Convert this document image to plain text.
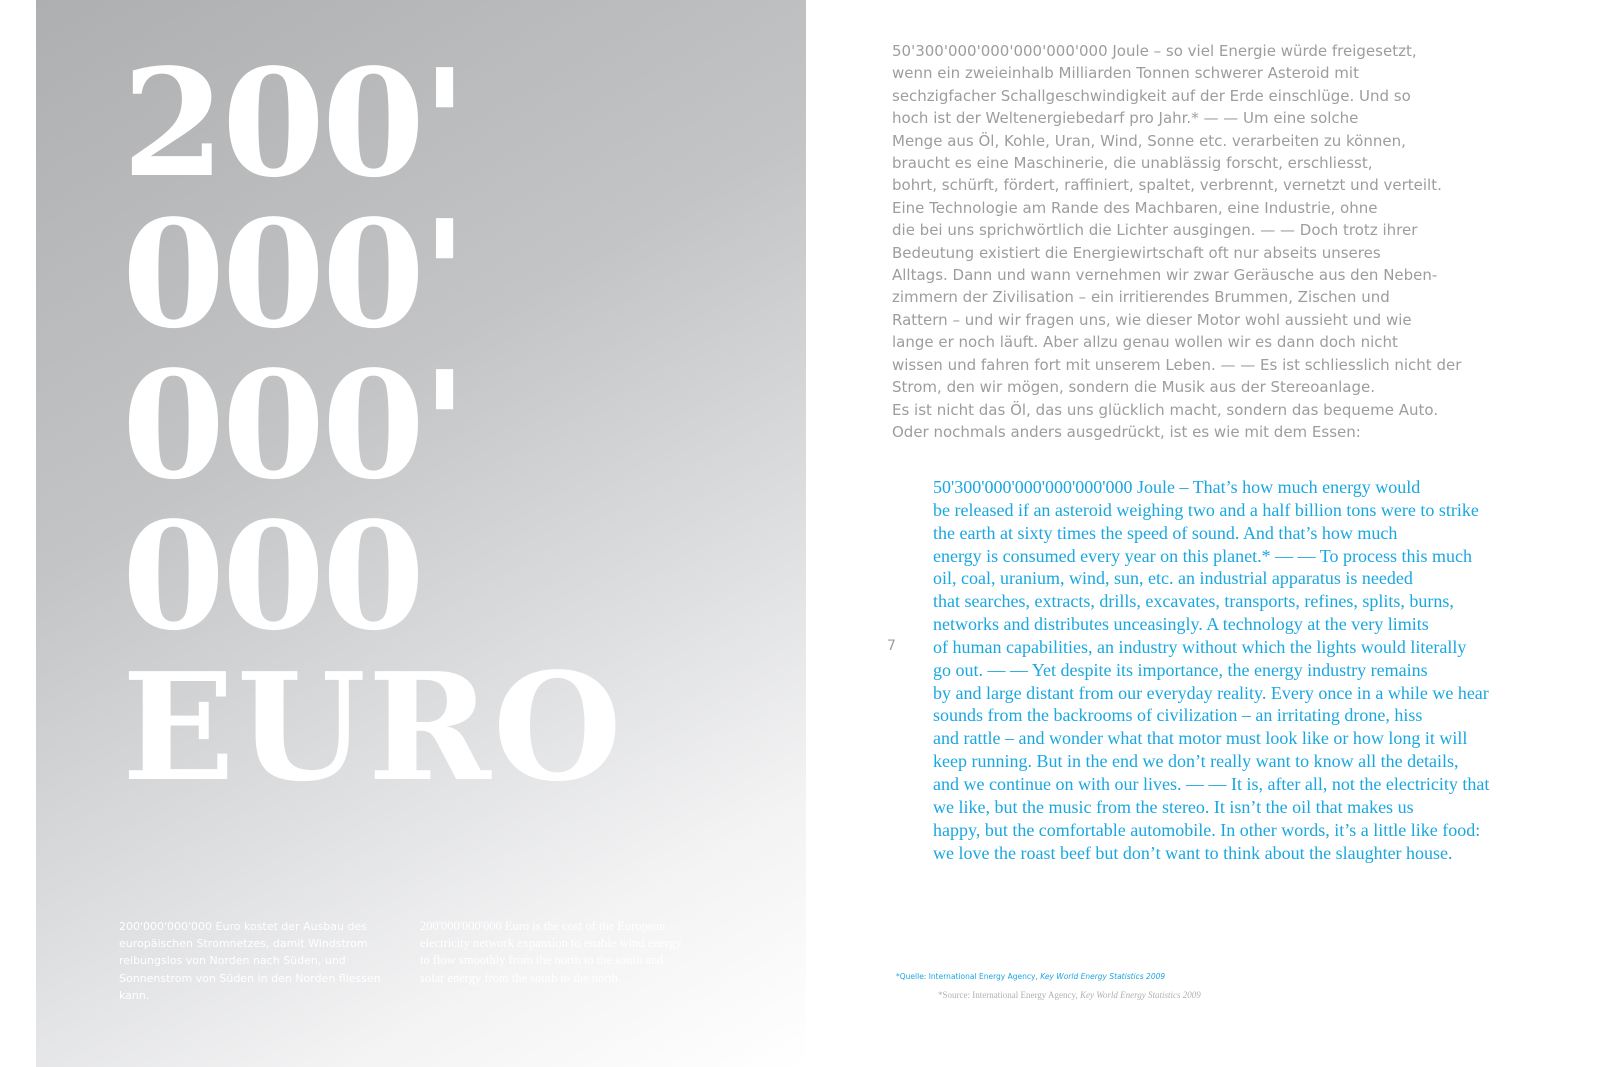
200'
000'
000'
000
EURO

200'000'000'000 Euro kostet der Ausbau des europäischen Stromnetzes, damit Windstrom reibungslos von Norden nach Süden, und Sonnenstrom von Süden in den Norden fliessen kann.

200'000'000'000 Euro is the cost of the European electricity network expansion to enable wind energy to flow smoothly from the north to the south and solar energy from the south to the north.

50'300'000'000'000'000'000 Joule – so viel Energie würde freigesetzt,
wenn ein zweieinhalb Milliarden Tonnen schwerer Asteroid mit
sechzigfacher Schallgeschwindigkeit auf der Erde einschlüge. Und so
hoch ist der Weltenergiebedarf pro Jahr.* — — Um eine solche
Menge aus Öl, Kohle, Uran, Wind, Sonne etc. verarbeiten zu können,
braucht es eine Maschinerie, die unablässig forscht, erschliesst,
bohrt, schürft, fördert, raffiniert, spaltet, verbrennt, vernetzt und verteilt.
Eine Technologie am Rande des Machbaren, eine Industrie, ohne
die bei uns sprichwörtlich die Lichter ausgingen. — — Doch trotz ihrer
Bedeutung existiert die Energiewirtschaft oft nur abseits unseres
Alltags. Dann und wann vernehmen wir zwar Geräusche aus den Neben-
zimmern der Zivilisation – ein irritierendes Brummen, Zischen und
Rattern – und wir fragen uns, wie dieser Motor wohl aussieht und wie
lange er noch läuft. Aber allzu genau wollen wir es dann doch nicht
wissen und fahren fort mit unserem Leben. — — Es ist schliesslich nicht der
Strom, den wir mögen, sondern die Musik aus der Stereoanlage.
Es ist nicht das Öl, das uns glücklich macht, sondern das bequeme Auto.
Oder nochmals anders ausgedrückt, ist es wie mit dem Essen:
7
50'300'000'000'000'000'000 Joule – That’s how much energy would
be released if an asteroid weighing two and a half billion tons were to strike
the earth at sixty times the speed of sound. And that’s how much
energy is consumed every year on this planet.* — — To process this much
oil, coal, uranium, wind, sun, etc. an industrial apparatus is needed
that searches, extracts, drills, excavates, transports, refines, splits, burns,
networks and distributes unceasingly. A technology at the very limits
of human capabilities, an industry without which the lights would literally
go out. — — Yet despite its importance, the energy industry remains
by and large distant from our everyday reality. Every once in a while we hear
sounds from the backrooms of civilization – an irritating drone, hiss
and rattle – and wonder what that motor must look like or how long it will
keep running. But in the end we don’t really want to know all the details,
and we continue on with our lives. — — It is, after all, not the electricity that
we like, but the music from the stereo. It isn’t the oil that makes us
happy, but the comfortable automobile. In other words, it’s a little like food:
we love the roast beef but don’t want to think about the slaughter house.
*Quelle: International Energy Agency, Key World Energy Statistics 2009
*Source: International Energy Agency, Key World Energy Statistics 2009
